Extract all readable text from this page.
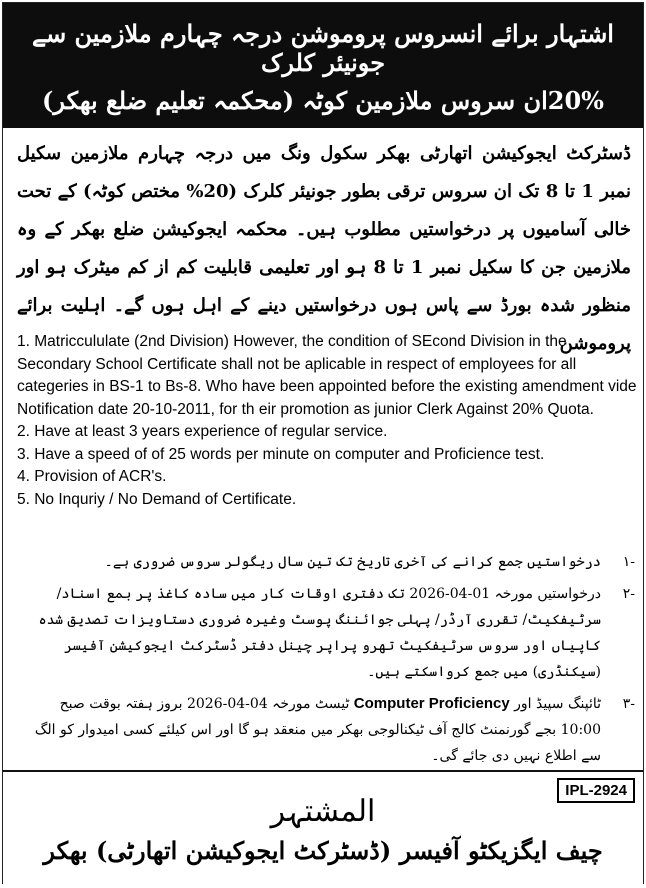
اشتہار برائے انسروس پروموشن درجہ چہارم ملازمین سے جونیئر کلرک
20%ان سروس ملازمین کوٹہ (محکمہ تعلیم ضلع بھکر)
ڈسٹرکٹ ایجوکیشن اتھارٹی بھکر سکول ونگ میں درجہ چہارم ملازمین سکیل نمبر 1 تا 8 تک ان سروس ترقی بطور جونیئر کلرک (20% مختص کوٹہ) کے تحت خالی آسامیوں پر درخواستیں مطلوب ہیں۔ محکمہ ایجوکیشن ضلع بھکر کے وہ ملازمین جن کا سکیل نمبر 1 تا 8 ہو اور تعلیمی قابلیت کم از کم میٹرک ہو اور منظور شدہ بورڈ سے پاس ہوں درخواستیں دینے کے اہل ہوں گے۔ اہلیت برائے پروموشن

1. Matriccululate (2nd Division) However, the condition of SEcond Division in the Secondary School Certificate shall not be aplicable in respect of employees for all categeries in BS-1 to Bs-8. Who have been appointed before the existing amendment vide Notification date 20-10-2011, for th eir promotion as junior Clerk Against 20% Quota.

2. Have at least 3 years experience of regular service.

3. Have a speed of of 25 words per minute on computer and Proficience test.

4. Provision of ACR's.

5. No Inquriy / No Demand of Certificate.

-۱
درخواستیں جمع کرانے کی آخری تاریخ تک تین سال ریگولر سروس ضروری ہے۔
-۲
درخواستیں مورخہ 01-04-2026 تک دفتری اوقات کار میں سادہ کاغذ پر بمع اسناد/ سرٹیفکیٹ/ تقرری آرڈر/ پہلی جوائننگ پوسٹ وغیرہ ضروری دستاویزات تصدیق شدہ کاپیاں اور سروس سرٹیفکیٹ تھرو پراپر چینل دفتر ڈسٹرکٹ ایجوکیشن آفیسر (سیکنڈری) میں جمع کرواسکتے ہیں۔
-۳
ٹائپنگ سپیڈ اور Computer Proficiency ٹیسٹ مورخہ 04-04-2026 بروز ہفتہ بوقت صبح 10:00 بجے گورنمنٹ کالج آف ٹیکنالوجی بھکر میں منعقد ہو گا اور اس کیلئے کسی امیدوار کو الگ سے اطلاع نہیں دی جائے گی۔
IPL-2924
المشتہر
چیف ایگزیکٹو آفیسر (ڈسٹرکٹ ایجوکیشن اتھارٹی) بھکر
